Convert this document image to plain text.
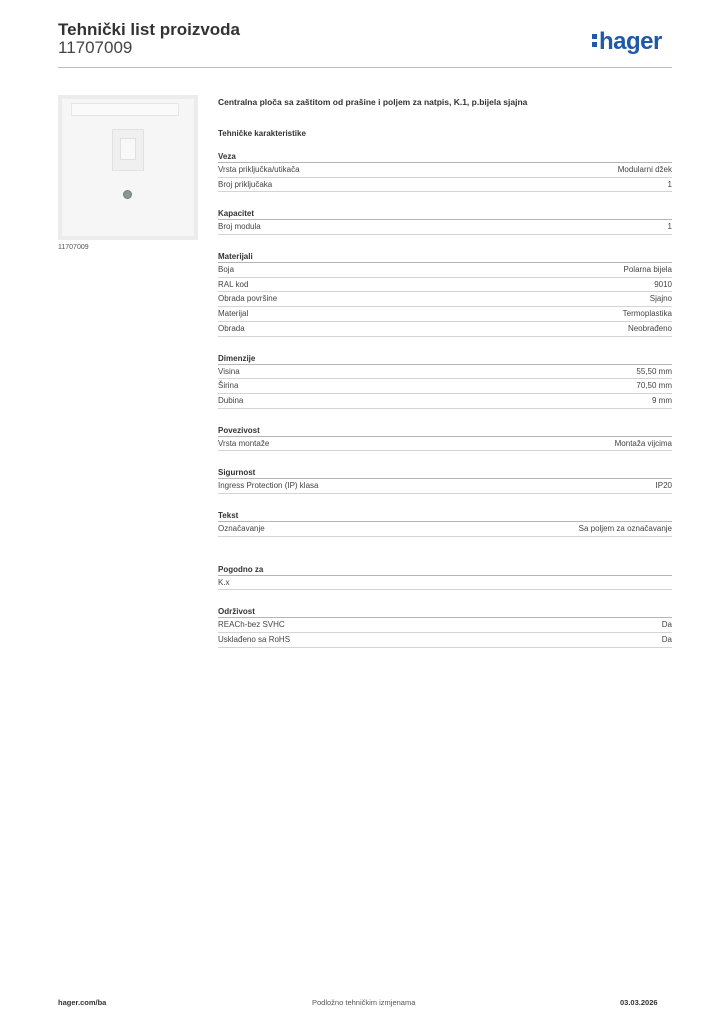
Tehnički list proizvoda
11707009	hager
11707009
Centralna ploča sa zaštitom od prašine i poljem za natpis, K.1, p.bijela sjajna
Tehničke karakteristike
Veza
Vrsta priključka/utikača	Modularni džek
Broj priključaka	1
Kapacitet
Broj modula	1
Materijali
Boja	Polarna bijela
RAL kod	9010
Obrada površine	Sjajno
Materijal	Termoplastika
Obrada	Neobrađeno
Dimenzije
Visina	55,50 mm
Širina	70,50 mm
Dubina	9 mm
Povezivost
Vrsta montaže	Montaža vijcima
Sigurnost
Ingress Protection (IP) klasa	IP20
Tekst
Označavanje	Sa poljem za označavanje
Pogodno za
K.x
Održivost
REACh-bez SVHC	Da
Usklađeno sa RoHS	Da
hager.com/ba	Podložno tehničkim izmjenama	03.03.2026
